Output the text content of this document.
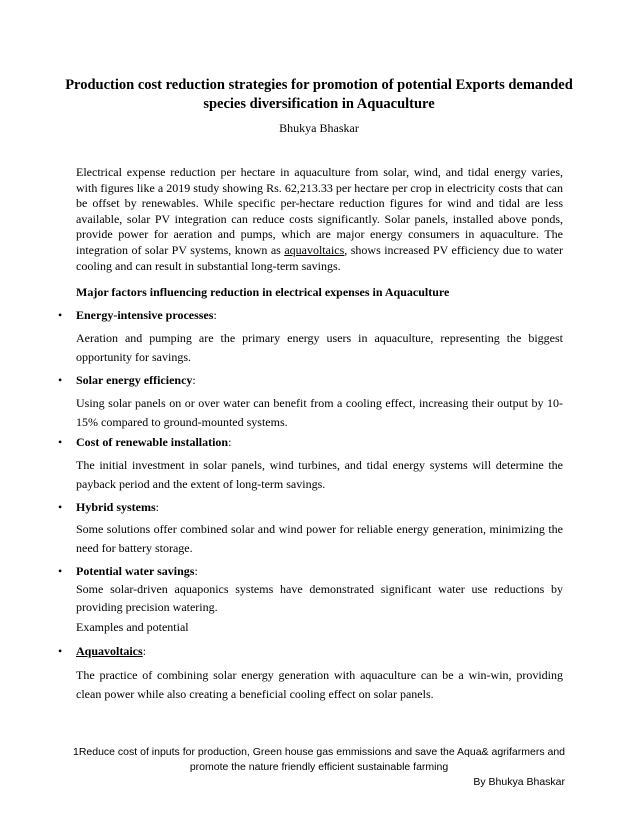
Production cost reduction strategies for promotion of potential Exports demanded species diversification in Aquaculture
Bhukya Bhaskar

Electrical expense reduction per hectare in aquaculture from solar, wind, and tidal energy varies, with figures like a 2019 study showing Rs. 62,213.33 per hectare per crop in electricity costs that can be offset by renewables. While specific per-hectare reduction figures for wind and tidal are less available, solar PV integration can reduce costs significantly. Solar panels, installed above ponds, provide power for aeration and pumps, which are major energy consumers in aquaculture. The integration of solar PV systems, known as aquavoltaics, shows increased PV efficiency due to water cooling and can result in substantial long-term savings.

Major factors influencing reduction in electrical expenses in Aquaculture
•	Energy-intensive processes:

Aeration and pumping are the primary energy users in aquaculture, representing the biggest opportunity for savings.

•	Solar energy efficiency:

Using solar panels on or over water can benefit from a cooling effect, increasing their output by 10-15% compared to ground-mounted systems.

•	Cost of renewable installation:

The initial investment in solar panels, wind turbines, and tidal energy systems will determine the payback period and the extent of long-term savings.

•	Hybrid systems:

Some solutions offer combined solar and wind power for reliable energy generation, minimizing the need for battery storage.

•	Potential water savings:

Some solar-driven aquaponics systems have demonstrated significant water use reductions by providing precision watering.

Examples and potential

•	Aquavoltaics:

The practice of combining solar energy generation with aquaculture can be a win-win, providing clean power while also creating a beneficial cooling effect on solar panels.

1Reduce cost of inputs for production, Green house gas emmissions and save the Aqua& agrifarmers and promote the nature friendly efficient sustainable farming

By Bhukya Bhaskar
